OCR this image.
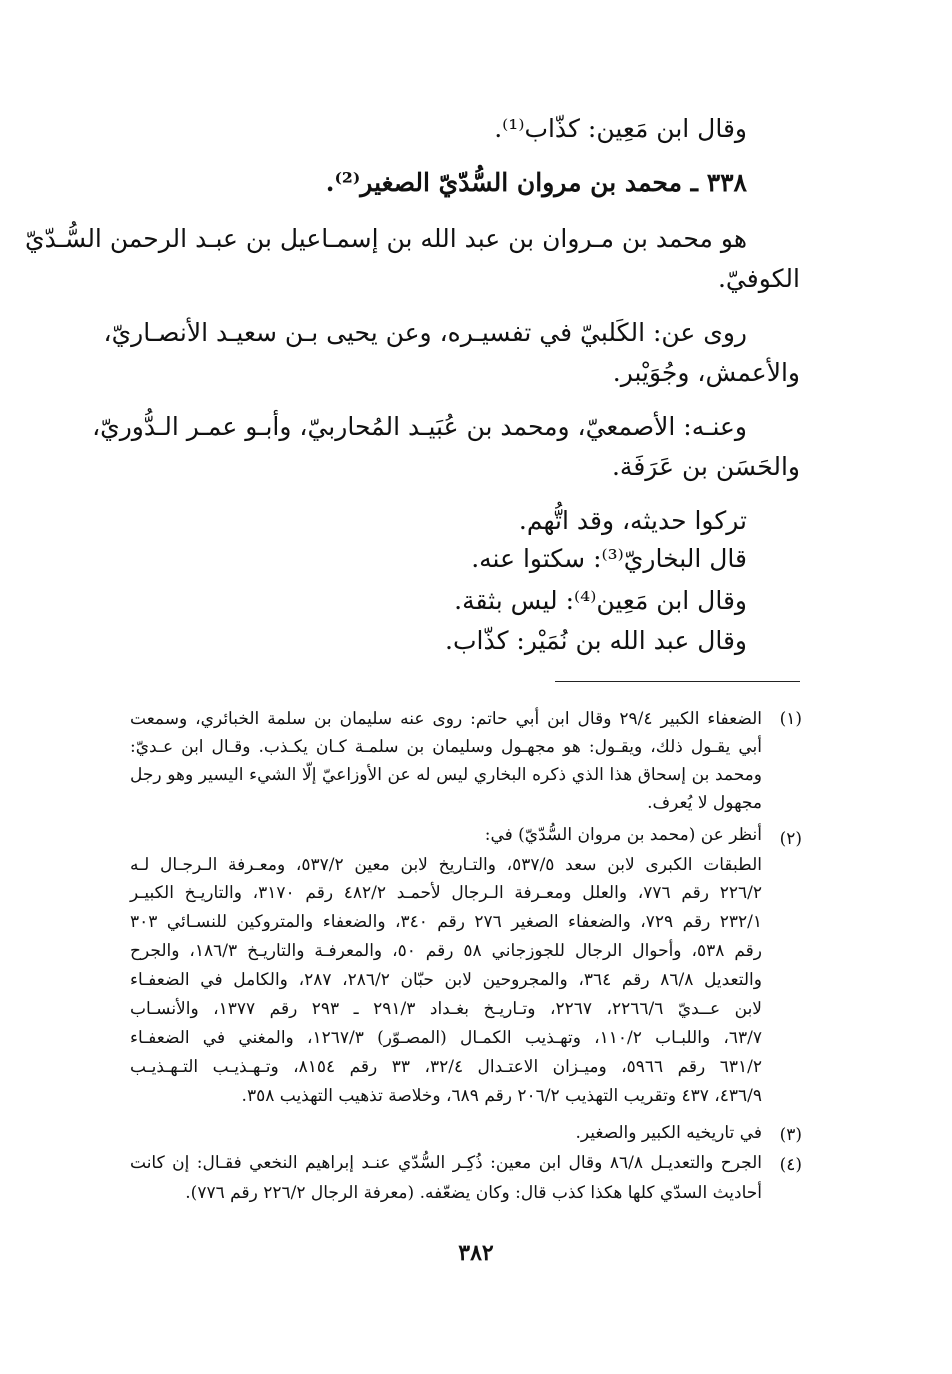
وقال ابن مَعِين: كذّاب⁽¹⁾.
٣٣٨ ـ محمد بن مروان السُّدّيّ الصغير⁽²⁾.
هو محمد بن مـروان بن عبد الله بن إسمـاعيل بن عبـد الرحمن السُّـدّيّ
الكوفيّ.
روى عن: الكَلبيّ في تفسيـره، وعن يحيى بـن سعيـد الأنصـاريّ،
والأعمش، وجُوَيْبر.
وعنـه: الأصمعيّ، ومحمد بن عُبَيـد المُحاربيّ، وأبـو عمـر الـدُّوريّ،
والحَسَن بن عَرَفَة.
تركوا حديثه، وقد اتُّهم.
قال البخاريّ⁽³⁾: سكتوا عنه.
وقال ابن مَعِين⁽⁴⁾: ليس بثقة.
وقال عبد الله بن نُمَيْر: كذّاب.
(١)
الضعفاء الكبير ٢٩/٤ وقال ابن أبي حاتم: روى عنه سليمان بن سلمة الخبائري، وسمعت
أبي يقـول ذلك، ويقـول: هو مجهـول وسليمان بن سلمـة كـان يكـذب. وقـال ابن عـديّ:
ومحمد بن إسحاق هذا الذي ذكره البخاري ليس له عن الأوزاعيّ إلّا الشيء اليسير وهو رجل
مجهول لا يُعرف.
(٢)
أنظر عن (محمد بن مروان السُّدّيّ) في:
الطبقات الكبرى لابن سعد ٥٣٧/٥، والتـاريخ لابن معين ٥٣٧/٢، ومعـرفة الـرجـال لـه
٢٢٦/٢ رقم ٧٧٦، والعلل ومعـرفة الـرجال لأحمـد ٤٨٢/٢ رقم ٣١٧٠، والتاريـخ الكبيـر
٢٣٢/١ رقم ٧٢٩، والضعفاء الصغير ٢٧٦ رقم ٣٤٠، والضعفاء والمتروكين للنسـائي ٣٠٣
رقم ٥٣٨، وأحوال الرجال للجوزجاني ٥٨ رقم ٥٠، والمعرفـة والتاريـخ ١٨٦/٣، والجرح
والتعديل ٨٦/٨ رقم ٣٦٤، والمجروحين لابن حبّان ٢٨٦/٢، ٢٨٧، والكامل في الضعفـاء
لابن عــديّ ٢٢٦٦/٦، ٢٢٦٧، وتـاريـخ بغـداد ٢٩١/٣ ـ ٢٩٣ رقم ١٣٧٧، والأنسـاب
٦٣/٧، واللبـاب ١١٠/٢، وتهـذيب الكمـال (المصـوّر) ١٢٦٧/٣، والمغني في الضعفـاء
٦٣١/٢ رقم ٥٩٦٦، وميـزان الاعتـدال ٣٢/٤، ٣٣ رقم ٨١٥٤، وتـهـذيـب التـهـذيـب
٤٣٦/٩، ٤٣٧ وتقريب التهذيب ٢٠٦/٢ رقم ٦٨٩، وخلاصة تذهيب التهذيب ٣٥٨.
(٣)
في تاريخيه الكبير والصغير.
(٤)
الجرح والتعديـل ٨٦/٨ وقال ابن معين: ذُكِـر السُّدّي عنـد إبراهيم النخعي فقـال: إن كانت
أحاديث السدّي كلها هكذا كذب قال: وكان يضعّفه. (معرفة الرجال ٢٢٦/٢ رقم ٧٧٦).
٣٨٢
